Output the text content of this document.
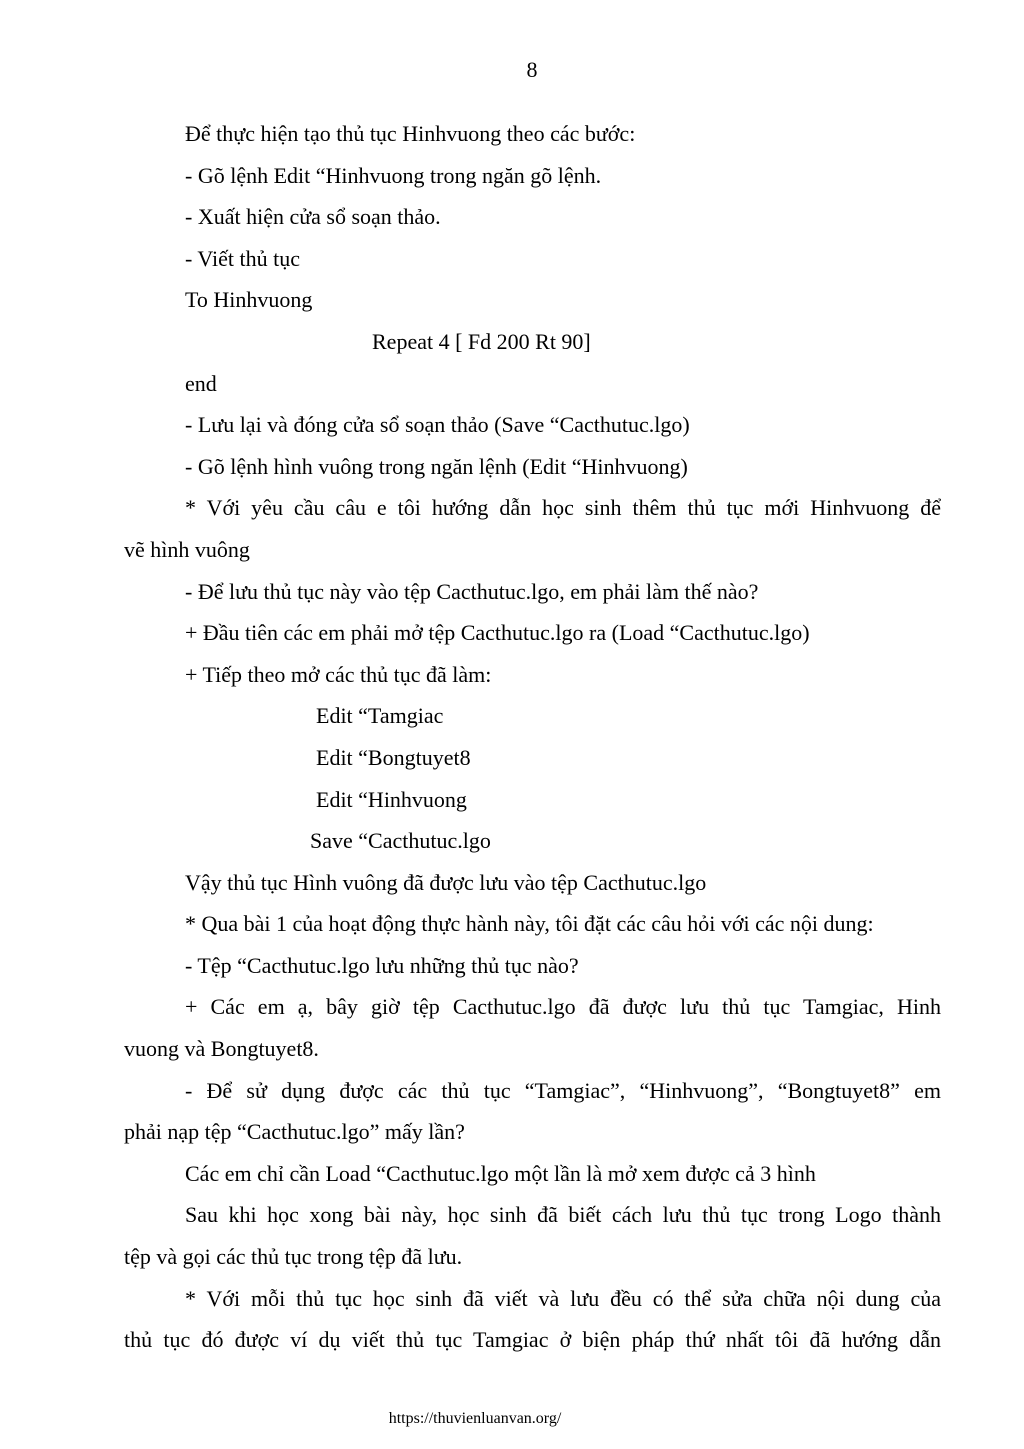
8
Để thực hiện tạo thủ tục Hinhvuong theo các bước:
- Gõ lệnh Edit “Hinhvuong trong ngăn gõ lệnh.
- Xuất hiện cửa sổ soạn thảo.
- Viết thủ tục
To Hinhvuong
Repeat 4 [ Fd 200 Rt 90]
end
- Lưu lại và đóng cửa sổ soạn thảo (Save “Cacthutuc.lgo)
- Gõ lệnh hình vuông trong ngăn lệnh (Edit “Hinhvuong)
* Với yêu cầu câu e tôi hướng dẫn học sinh thêm thủ tục mới Hinhvuong để
vẽ hình vuông
- Để lưu thủ tục này vào tệp Cacthutuc.lgo, em phải làm thế nào?
+ Đầu tiên các em phải mở tệp Cacthutuc.lgo ra (Load “Cacthutuc.lgo)
+ Tiếp theo mở các thủ tục đã làm:
Edit “Tamgiac
Edit “Bongtuyet8
Edit “Hinhvuong
Save “Cacthutuc.lgo
Vậy thủ tục Hình vuông đã được lưu vào tệp Cacthutuc.lgo
* Qua bài 1 của hoạt động thực hành này, tôi đặt các câu hỏi với các nội dung:
- Tệp “Cacthutuc.lgo lưu những thủ tục nào?
+ Các em ạ, bây giờ tệp Cacthutuc.lgo đã được lưu thủ tục Tamgiac, Hinh
vuong và Bongtuyet8.
- Để sử dụng được các thủ tục “Tamgiac”, “Hinhvuong”, “Bongtuyet8” em
phải nạp tệp “Cacthutuc.lgo” mấy lần?
Các em chỉ cần Load “Cacthutuc.lgo một lần là mở xem được cả 3 hình
Sau khi học xong bài này, học sinh đã biết cách lưu thủ tục trong Logo thành
tệp và gọi các thủ tục trong tệp đã lưu.
* Với mỗi thủ tục học sinh đã viết và lưu đều có thể sửa chữa nội dung của
thủ tục đó được ví dụ viết thủ tục Tamgiac ở biện pháp thứ nhất tôi đã hướng dẫn
https://thuvienluanvan.org/
